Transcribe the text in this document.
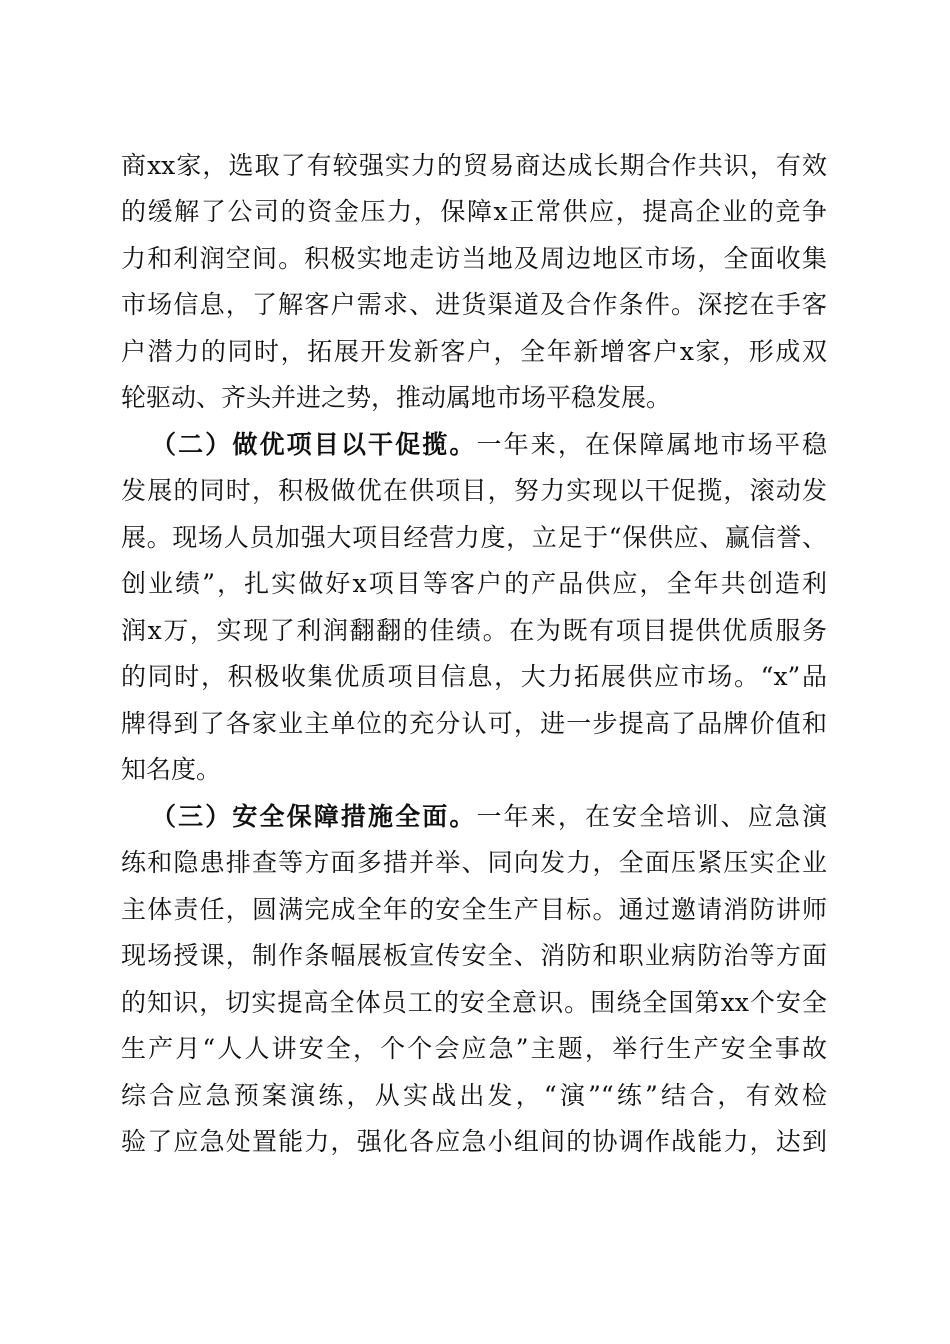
商xx家，选取了有较强实力的贸易商达成长期合作共识，有效
的缓解了公司的资金压力，保障x正常供应，提高企业的竞争
力和利润空间。积极实地走访当地及周边地区市场，全面收集
市场信息，了解客户需求、进货渠道及合作条件。深挖在手客
户潜力的同时，拓展开发新客户，全年新增客户x家，形成双
轮驱动、齐头并进之势，推动属地市场平稳发展。
（二）做优项目以干促揽。一年来，在保障属地市场平稳
发展的同时，积极做优在供项目，努力实现以干促揽，滚动发
展。现场人员加强大项目经营力度，立足于“保供应、赢信誉、
创业绩”，扎实做好x项目等客户的产品供应，全年共创造利
润x万，实现了利润翻翻的佳绩。在为既有项目提供优质服务
的同时，积极收集优质项目信息，大力拓展供应市场。“x”品
牌得到了各家业主单位的充分认可，进一步提高了品牌价值和
知名度。
（三）安全保障措施全面。一年来，在安全培训、应急演
练和隐患排查等方面多措并举、同向发力，全面压紧压实企业
主体责任，圆满完成全年的安全生产目标。通过邀请消防讲师
现场授课，制作条幅展板宣传安全、消防和职业病防治等方面
的知识，切实提高全体员工的安全意识。围绕全国第xx个安全
生产月“人人讲安全，个个会应急”主题，举行生产安全事故
综合应急预案演练，从实战出发，“演”“练”结合，有效检
验了应急处置能力，强化各应急小组间的协调作战能力，达到
